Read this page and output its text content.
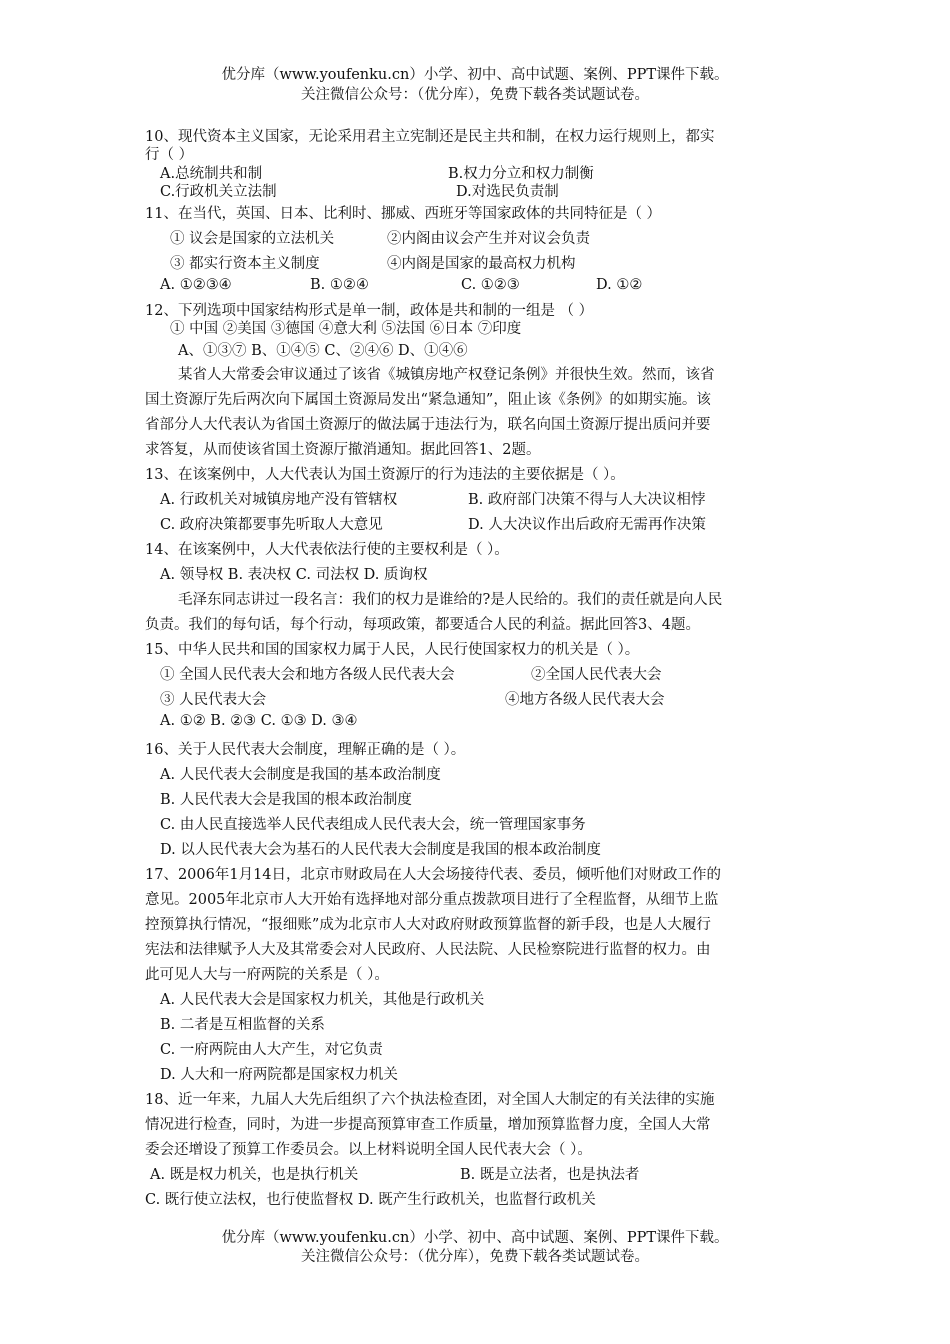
优分库（www.youfenku.cn）小学、初中、高中试题、案例、PPT课件下载。
关注微信公众号：（优分库），免费下载各类试题试卷。
10、现代资本主义国家，无论采用君主立宪制还是民主共和制，在权力运行规则上，都实
行（ ）
A.总统制共和制	B.权力分立和权力制衡
C.行政机关立法制	D.对选民负责制
11、在当代，英国、日本、比利时、挪威、西班牙等国家政体的共同特征是（ ）
① 议会是国家的立法机关	②内阁由议会产生并对议会负责
③ 都实行资本主义制度	④内阁是国家的最高权力机构
A. ①②③④	B. ①②④	C. ①②③	D. ①②
12、下列选项中国家结构形式是单一制，政体是共和制的一组是 （ ）
① 中国 ②美国 ③德国 ④意大利 ⑤法国 ⑥日本 ⑦印度
A、①③⑦ B、①④⑤ C、②④⑥ D、①④⑥
某省人大常委会审议通过了该省《城镇房地产权登记条例》并很快生效。然而，该省
国土资源厅先后两次向下属国土资源局发出“紧急通知”，阻止该《条例》的如期实施。该
省部分人大代表认为省国土资源厅的做法属于违法行为，联名向国土资源厅提出质问并要
求答复，从而使该省国土资源厅撤消通知。据此回答1、2题。
13、在该案例中，人大代表认为国土资源厅的行为违法的主要依据是（ ）。
A. 行政机关对城镇房地产没有管辖权	B. 政府部门决策不得与人大决议相悖
C. 政府决策都要事先听取人大意见	D. 人大决议作出后政府无需再作决策
14、在该案例中，人大代表依法行使的主要权利是（ ）。
A. 领导权 B. 表决权 C. 司法权 D. 质询权
毛泽东同志讲过一段名言：我们的权力是谁给的?是人民给的。我们的责任就是向人民
负责。我们的每句话，每个行动，每项政策，都要适合人民的利益。据此回答3、4题。
15、中华人民共和国的国家权力属于人民，人民行使国家权力的机关是（ ）。
① 全国人民代表大会和地方各级人民代表大会	②全国人民代表大会
③ 人民代表大会	④地方各级人民代表大会
A. ①② B. ②③ C. ①③ D. ③④
16、关于人民代表大会制度，理解正确的是（ ）。
A. 人民代表大会制度是我国的基本政治制度
B. 人民代表大会是我国的根本政治制度
C. 由人民直接选举人民代表组成人民代表大会，统一管理国家事务
D. 以人民代表大会为基石的人民代表大会制度是我国的根本政治制度
17、2006年1月14日，北京市财政局在人大会场接待代表、委员，倾听他们对财政工作的
意见。2005年北京市人大开始有选择地对部分重点拨款项目进行了全程监督，从细节上监
控预算执行情况，“报细账”成为北京市人大对政府财政预算监督的新手段，也是人大履行
宪法和法律赋予人大及其常委会对人民政府、人民法院、人民检察院进行监督的权力。由
此可见人大与一府两院的关系是（ ）。
A. 人民代表大会是国家权力机关，其他是行政机关
B. 二者是互相监督的关系
C. 一府两院由人大产生，对它负责
D. 人大和一府两院都是国家权力机关
18、近一年来，九届人大先后组织了六个执法检查团，对全国人大制定的有关法律的实施
情况进行检查，同时，为进一步提高预算审查工作质量，增加预算监督力度，全国人大常
委会还增设了预算工作委员会。以上材料说明全国人民代表大会（ ）。
A. 既是权力机关，也是执行机关	B. 既是立法者，也是执法者
C. 既行使立法权，也行使监督权 D. 既产生行政机关，也监督行政机关
优分库（www.youfenku.cn）小学、初中、高中试题、案例、PPT课件下载。
关注微信公众号：（优分库），免费下载各类试题试卷。
